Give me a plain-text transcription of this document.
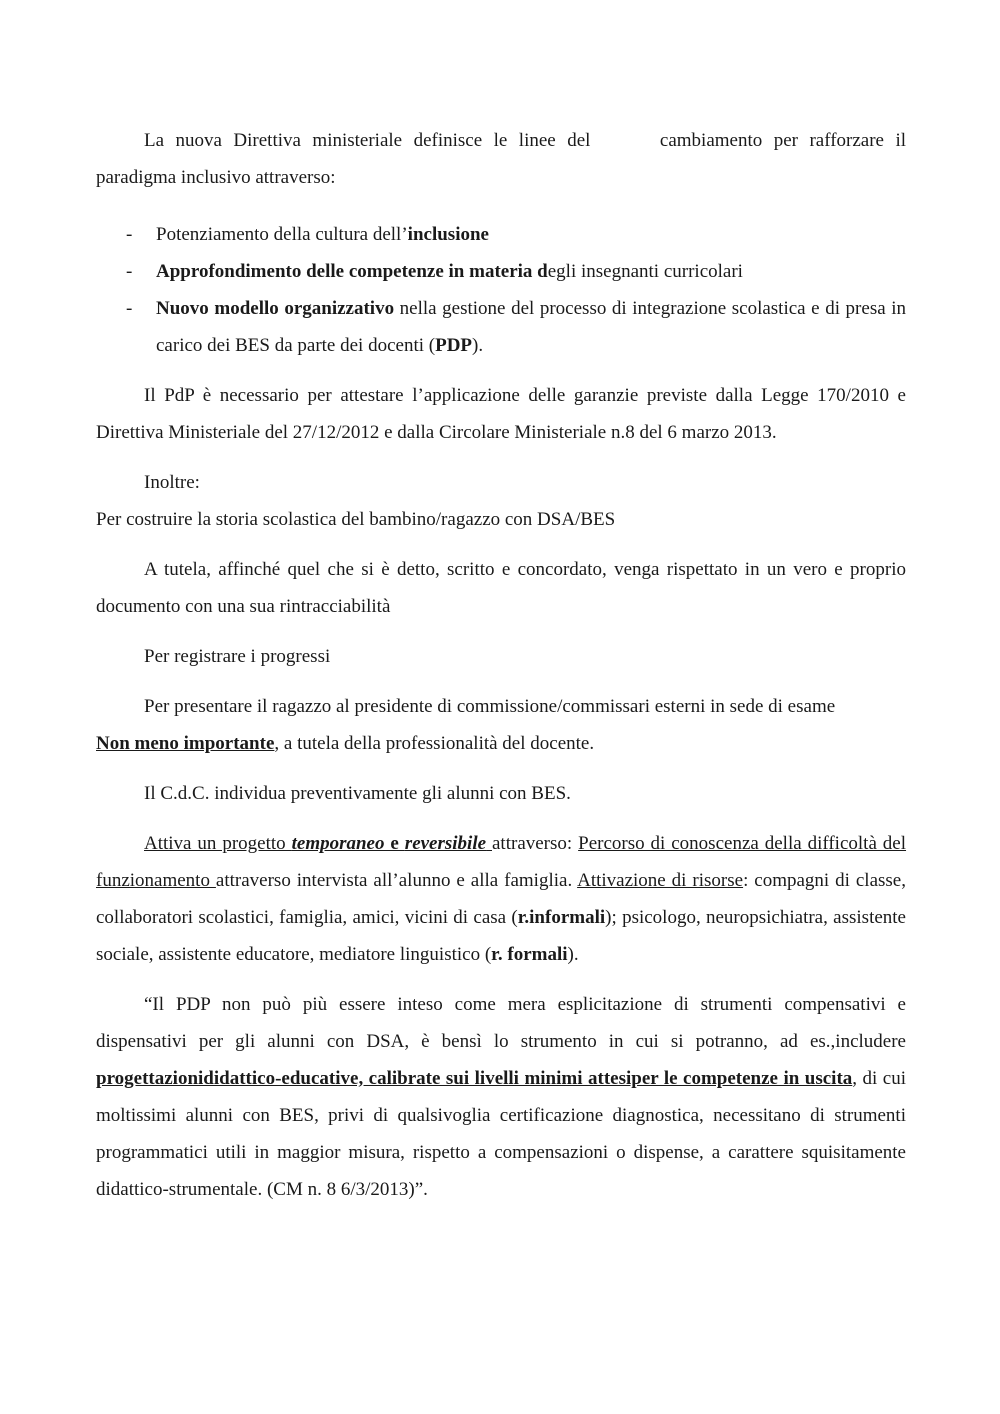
La nuova Direttiva ministeriale definisce le linee del	cambiamento per rafforzare il paradigma inclusivo attraverso:

- Potenziamento della cultura dell’inclusione
- Approfondimento delle competenze in materia degli insegnanti curricolari
- Nuovo modello organizzativo nella gestione del processo di integrazione scolastica e di presa in carico dei BES da parte dei docenti (PDP).

Il PdP è necessario per attestare l’applicazione delle garanzie previste dalla Legge 170/2010 e Direttiva Ministeriale del 27/12/2012 e dalla Circolare Ministeriale n.8 del 6 marzo 2013.

Inoltre:

Per costruire la storia scolastica del bambino/ragazzo con DSA/BES

A tutela, affinché quel che si è detto, scritto e concordato, venga rispettato in un vero e proprio documento con una sua rintracciabilità

Per registrare i progressi

Per presentare il ragazzo al presidente di commissione/commissari esterni in sede di esame

Non meno importante, a tutela della professionalità del docente.

Il C.d.C. individua preventivamente gli alunni con BES.

Attiva un progetto temporaneo e reversibile attraverso: Percorso di conoscenza della difficoltà del funzionamento attraverso intervista all’alunno e alla famiglia. Attivazione di risorse: compagni di classe, collaboratori scolastici, famiglia, amici, vicini di casa (r.informali); psicologo, neuropsichiatra, assistente sociale, assistente educatore, mediatore linguistico (r. formali).

“Il PDP non può più essere inteso come mera esplicitazione di strumenti compensativi e dispensativi per gli alunni con DSA, è bensì lo strumento in cui si potranno, ad es.,includere progettazionididattico-educative, calibrate sui livelli minimi attesiper le competenze in uscita, di cui moltissimi alunni con BES, privi di qualsivoglia certificazione diagnostica, necessitano di strumenti programmatici utili in maggior misura, rispetto a compensazioni o dispense, a carattere squisitamente didattico-strumentale. (CM n. 8 6/3/2013)”.
